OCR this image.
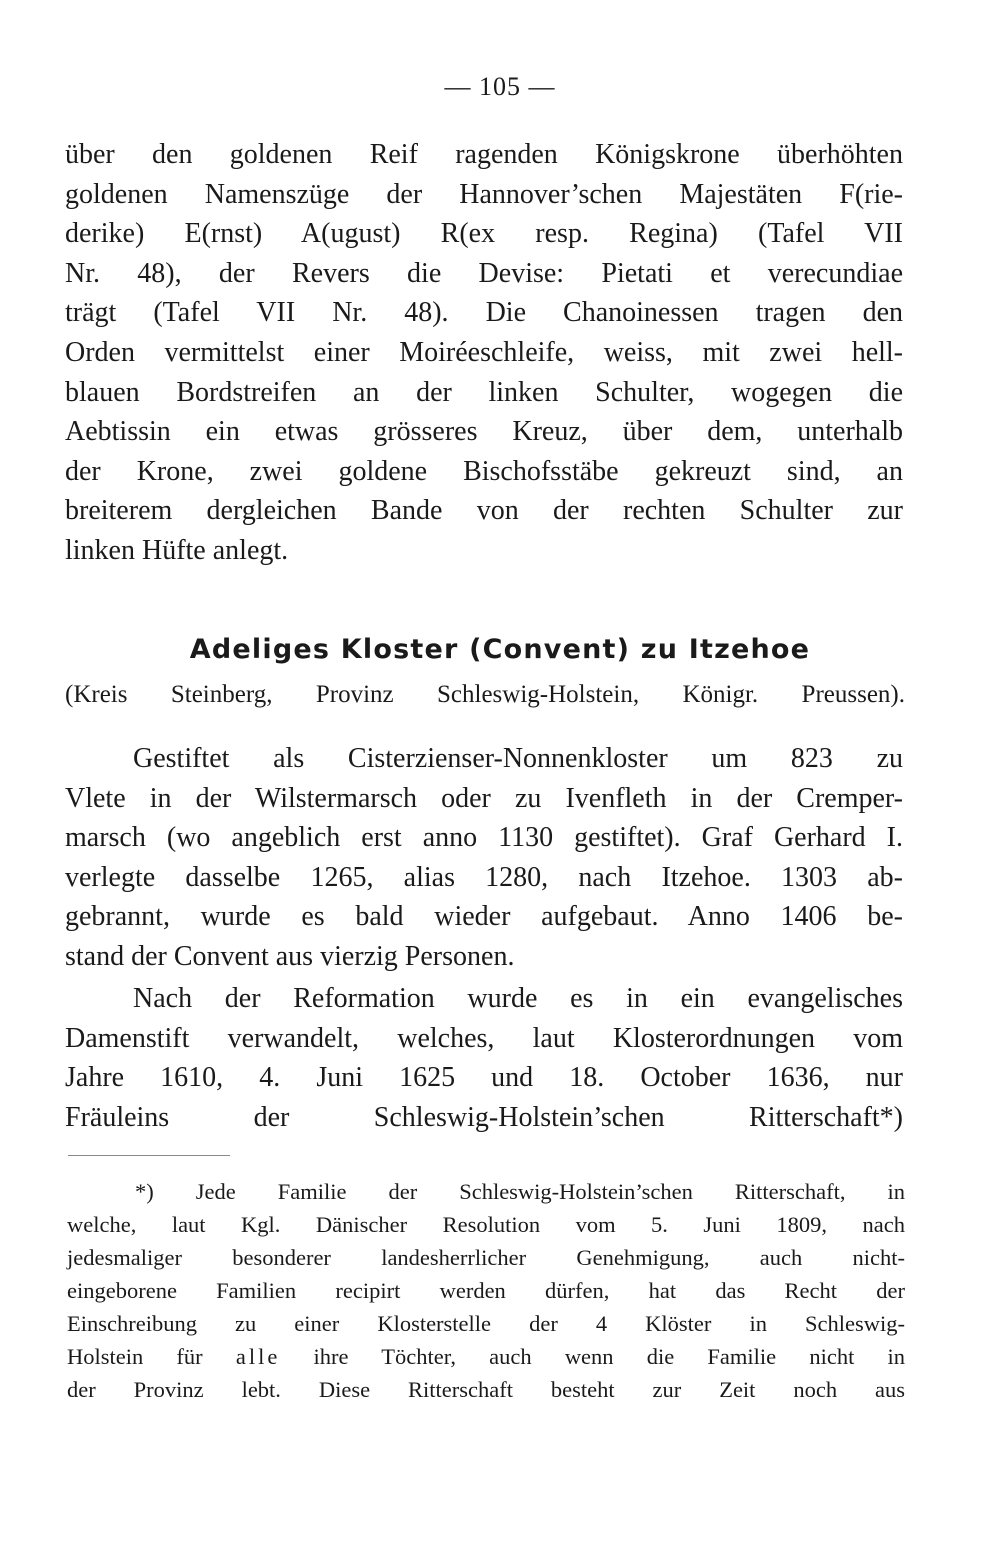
— 105 —
über den goldenen Reif ragenden Königskrone überhöhten
goldenen Namenszüge der Hannover’schen Majestäten F(rie-
derike) E(rnst) A(ugust) R(ex resp. Regina) (Tafel VII
Nr. 48), der Revers die Devise: Pietati et verecundiae
trägt (Tafel VII Nr. 48). Die Chanoinessen tragen den
Orden vermittelst einer Moiréeschleife, weiss, mit zwei hell-
blauen Bordstreifen an der linken Schulter, wogegen die
Aebtissin ein etwas grösseres Kreuz, über dem, unterhalb
der Krone, zwei goldene Bischofsstäbe gekreuzt sind, an
breiterem dergleichen Bande von der rechten Schulter zur
linken Hüfte anlegt.
Adeliges Kloster (Convent) zu Itzehoe
(Kreis Steinberg, Provinz Schleswig-Holstein, Königr. Preussen).
Gestiftet als Cisterzienser-Nonnenkloster um 823 zu
Vlete in der Wilstermarsch oder zu Ivenfleth in der Cremper-
marsch (wo angeblich erst anno 1130 gestiftet). Graf Gerhard I.
verlegte dasselbe 1265, alias 1280, nach Itzehoe. 1303 ab-
gebrannt, wurde es bald wieder aufgebaut. Anno 1406 be-
stand der Convent aus vierzig Personen.
Nach der Reformation wurde es in ein evangelisches
Damenstift verwandelt, welches, laut Klosterordnungen vom
Jahre 1610, 4. Juni 1625 und 18. October 1636, nur
Fräuleins der Schleswig-Holstein’schen Ritterschaft*)
*) Jede Familie der Schleswig-Holstein’schen Ritterschaft, in
welche, laut Kgl. Dänischer Resolution vom 5. Juni 1809, nach
jedesmaliger besonderer landesherrlicher Genehmigung, auch nicht-
eingeborene Familien recipirt werden dürfen, hat das Recht der
Einschreibung zu einer Klosterstelle der 4 Klöster in Schleswig-
Holstein für alle ihre Töchter, auch wenn die Familie nicht in
der Provinz lebt. Diese Ritterschaft besteht zur Zeit noch aus
